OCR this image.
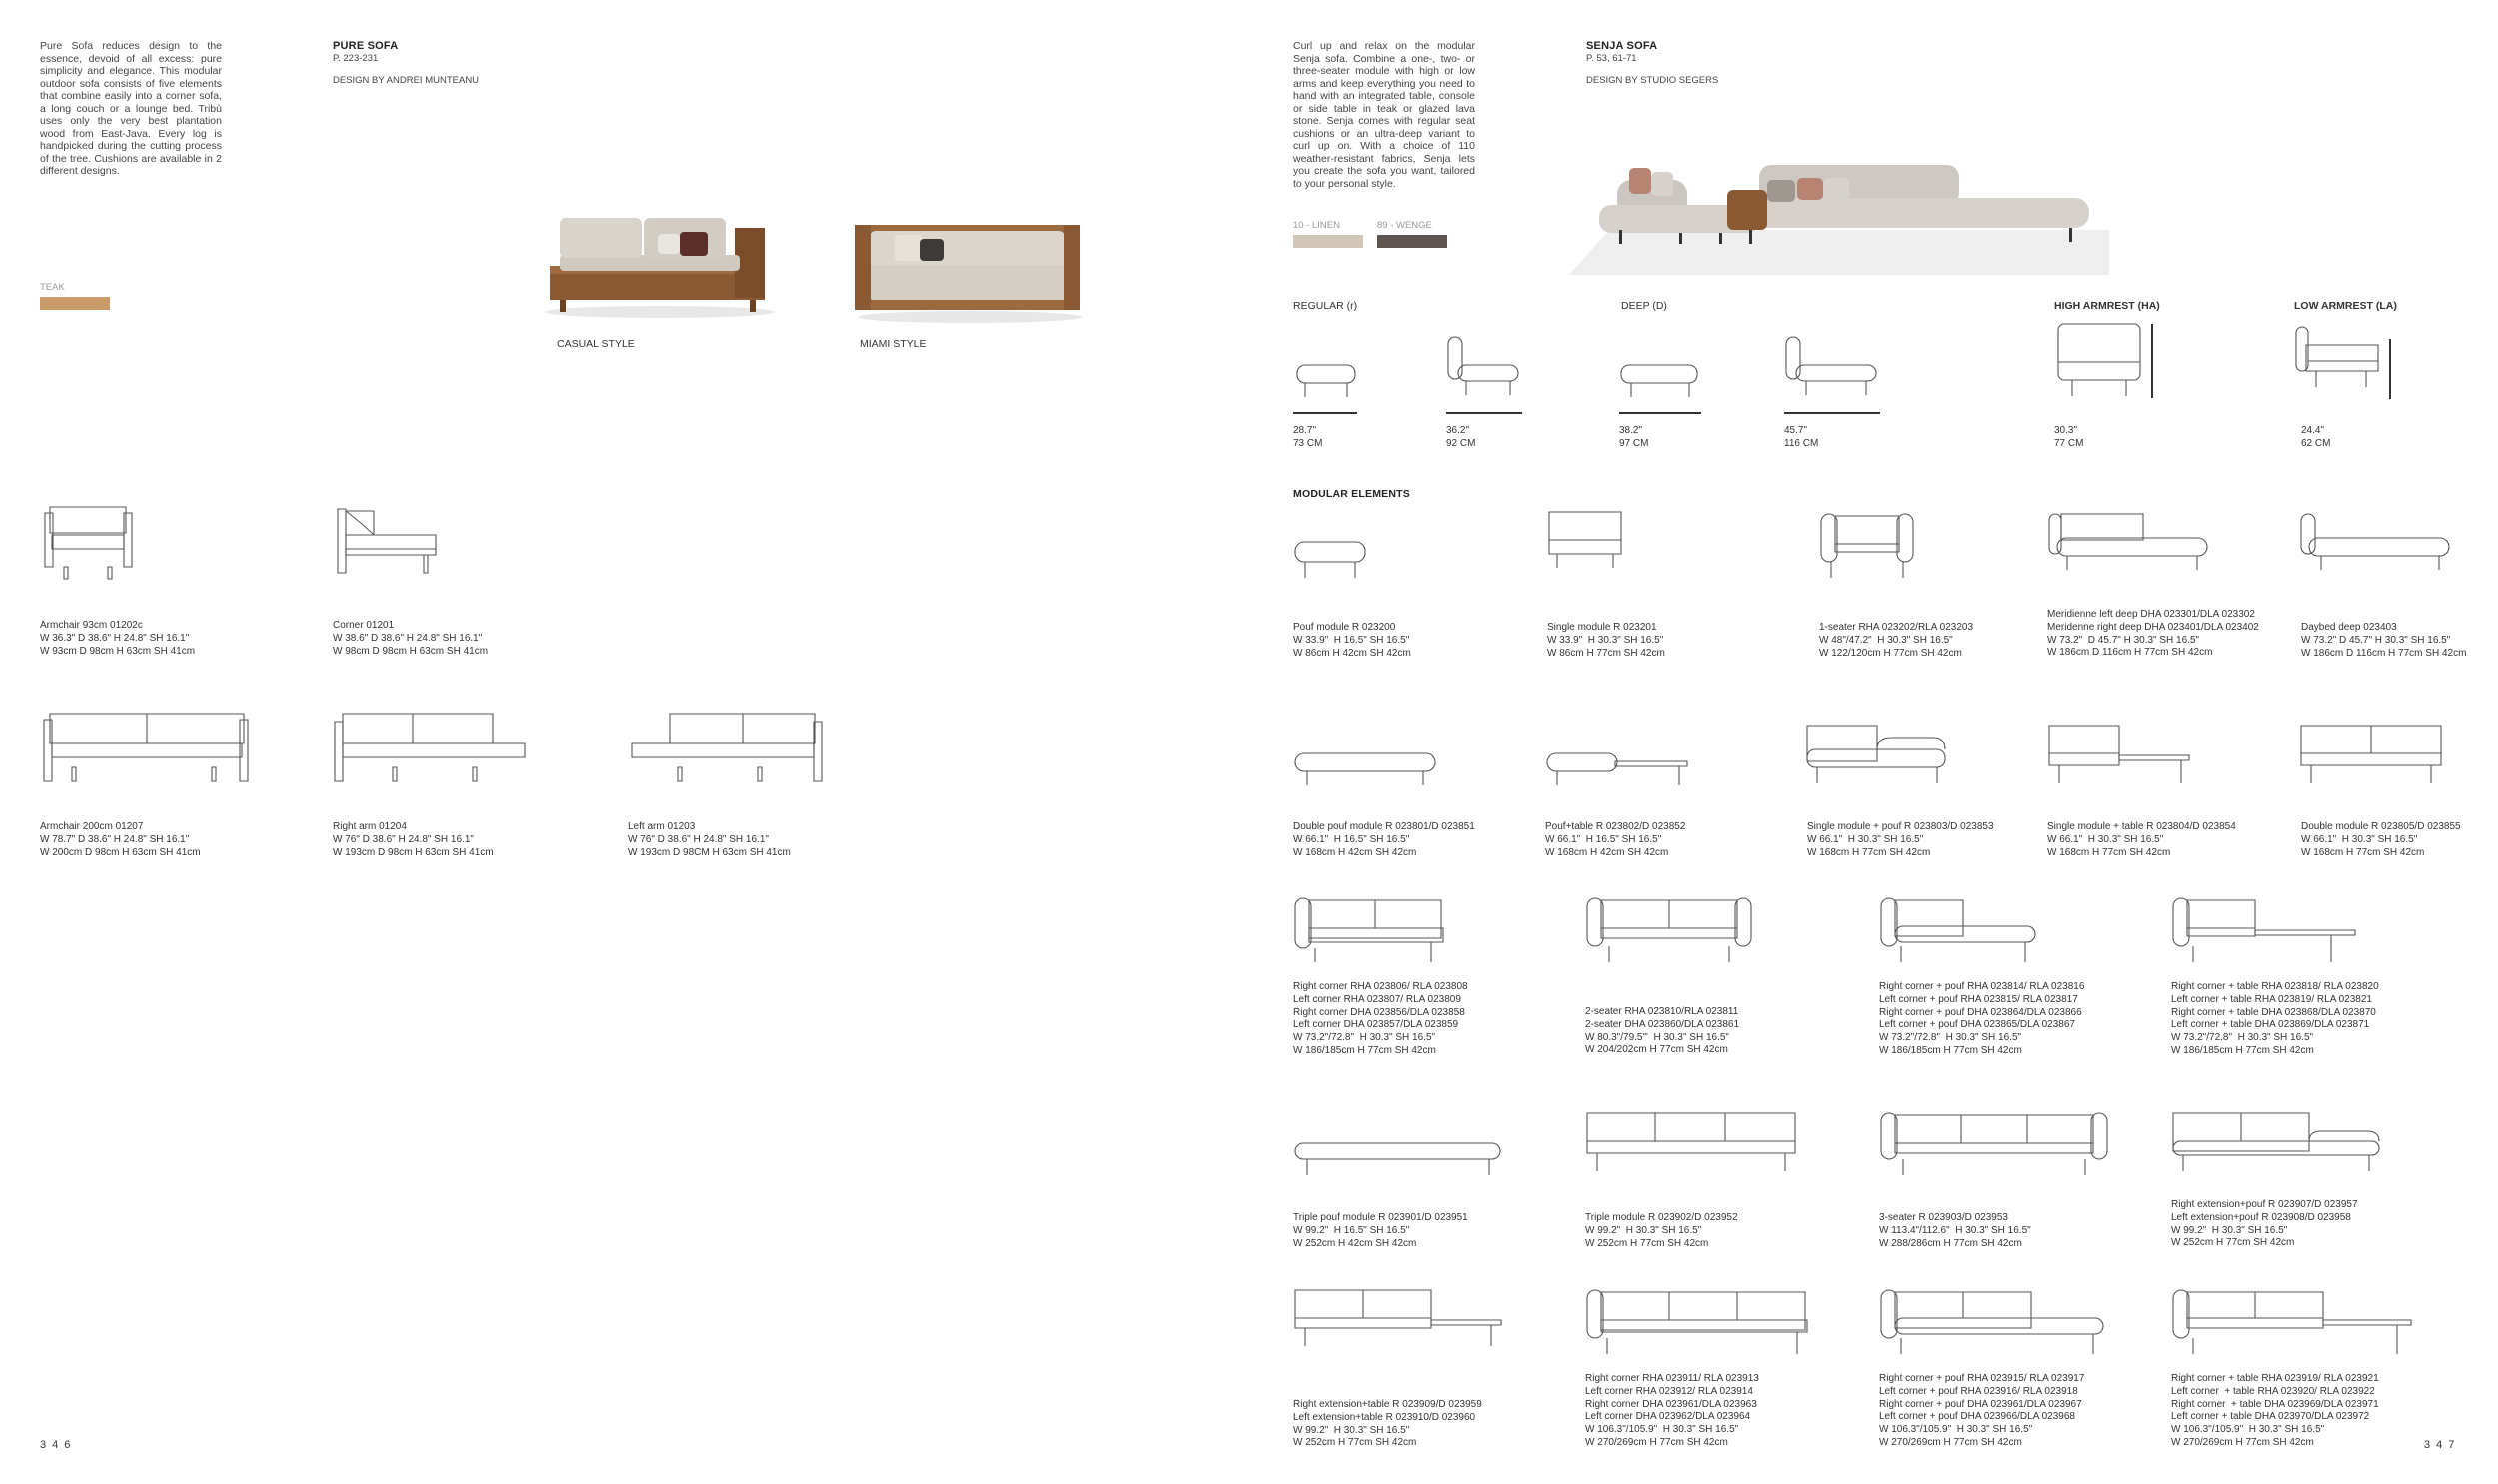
Pure Sofa reduces design to the essence, devoid of all excess: pure simplicity and elegance. This modular outdoor sofa consists of five elements that combine easily into a corner sofa, a long couch or a lounge bed. Tribù uses only the very best plantation wood from East-Java. Every log is handpicked during the cutting process of the tree. Cushions are available in 2 different designs.
PURE SOFA
P. 223-231
DESIGN BY ANDREI MUNTEANU
TEAK
CASUAL STYLE	MIAMI STYLE
Armchair 93cm 01202c
W 36.3" D 38.6" H 24.8" SH 16.1"
W 93cm D 98cm H 63cm SH 41cm
Corner 01201
W 38.6" D 38.6" H 24.8" SH 16.1"
W 98cm D 98cm H 63cm SH 41cm
Armchair 200cm 01207
W 78.7" D 38.6" H 24.8" SH 16.1"
W 200cm D 98cm H 63cm SH 41cm
Right arm 01204
W 76" D 38.6" H 24.8" SH 16.1"
W 193cm D 98cm H 63cm SH 41cm
Left arm 01203
W 76" D 38.6" H 24.8" SH 16.1"
W 193cm D 98CM H 63cm SH 41cm
346
Curl up and relax on the modular Senja sofa. Combine a one-, two- or three-seater module with high or low arms and keep everything you need to hand with an integrated table, console or side table in teak or glazed lava stone. Senja comes with regular seat cushions or an ultra-deep variant to curl up on. With a choice of 110 weather-resistant fabrics, Senja lets you create the sofa you want, tailored to your personal style.
SENJA SOFA
P. 53, 61-71
DESIGN BY STUDIO SEGERS
10 - LINEN	89 - WENGE
REGULAR (r)	DEEP (D)	HIGH ARMREST (HA)	LOW ARMREST (LA)
28.7"
73 CM
36.2"
92 CM
38.2"
97 CM
45.7"
116 CM
30.3"
77 CM
24.4"
62 CM
MODULAR ELEMENTS
Pouf module R 023200
W 33.9"  H 16.5" SH 16.5"
W 86cm H 42cm SH 42cm
Single module R 023201
W 33.9"  H 30.3" SH 16.5"
W 86cm H 77cm SH 42cm
1-seater RHA 023202/RLA 023203
W 48"/47.2"  H 30.3" SH 16.5"
W 122/120cm H 77cm SH 42cm
Meridienne left deep DHA 023301/DLA 023302
Meridenne right deep DHA 023401/DLA 023402
W 73.2"  D 45.7" H 30.3" SH 16.5"
W 186cm D 116cm H 77cm SH 42cm
Daybed deep 023403
W 73.2" D 45.7" H 30.3" SH 16.5"
W 186cm D 116cm H 77cm SH 42cm
Double pouf module R 023801/D 023851
W 66.1"  H 16.5" SH 16.5"
W 168cm H 42cm SH 42cm
Pouf+table R 023802/D 023852
W 66.1"  H 16.5" SH 16.5"
W 168cm H 42cm SH 42cm
Single module + pouf R 023803/D 023853
W 66.1"  H 30.3" SH 16.5"
W 168cm H 77cm SH 42cm
Single module + table R 023804/D 023854
W 66.1"  H 30.3" SH 16.5"
W 168cm H 77cm SH 42cm
Double module R 023805/D 023855
W 66.1"  H 30.3" SH 16.5"
W 168cm H 77cm SH 42cm
Right corner RHA 023806/ RLA 023808
Left corner RHA 023807/ RLA 023809
Right corner DHA 023856/DLA 023858
Left corner DHA 023857/DLA 023859
W 73.2"/72.8"  H 30.3" SH 16.5"
W 186/185cm H 77cm SH 42cm
2-seater RHA 023810/RLA 023811
2-seater DHA 023860/DLA 023861
W 80.3"/79.5"'  H 30.3" SH 16.5"
W 204/202cm H 77cm SH 42cm
Right corner + pouf RHA 023814/ RLA 023816
Left corner + pouf RHA 023815/ RLA 023817
Right corner + pouf DHA 023864/DLA 023866
Left corner + pouf DHA 023865/DLA 023867
W 73.2"/72.8"  H 30.3" SH 16.5"
W 186/185cm H 77cm SH 42cm
Right corner + table RHA 023818/ RLA 023820
Left corner + table RHA 023819/ RLA 023821
Right corner + table DHA 023868/DLA 023870
Left corner + table DHA 023869/DLA 023871
W 73.2"/72.8"  H 30.3" SH 16.5"
W 186/185cm H 77cm SH 42cm
Triple pouf module R 023901/D 023951
W 99.2"  H 16.5" SH 16.5"
W 252cm H 42cm SH 42cm
Triple module R 023902/D 023952
W 99.2"  H 30.3" SH 16.5"
W 252cm H 77cm SH 42cm
3-seater R 023903/D 023953
W 113.4"/112.6"  H 30.3" SH 16.5"
W 288/286cm H 77cm SH 42cm
Right extension+pouf R 023907/D 023957
Left extension+pouf R 023908/D 023958
W 99.2"  H 30.3" SH 16.5"
W 252cm H 77cm SH 42cm
Right extension+table R 023909/D 023959
Left extension+table R 023910/D 023960
W 99.2"  H 30.3" SH 16.5"
W 252cm H 77cm SH 42cm
Right corner RHA 023911/ RLA 023913
Left corner RHA 023912/ RLA 023914
Right corner DHA 023961/DLA 023963
Left corner DHA 023962/DLA 023964
W 106.3"/105.9"  H 30.3" SH 16.5"
W 270/269cm H 77cm SH 42cm
Right corner + pouf RHA 023915/ RLA 023917
Left corner + pouf RHA 023916/ RLA 023918
Right corner + pouf DHA 023961/DLA 023967
Left corner + pouf DHA 023966/DLA 023968
W 106.3"/105.9"  H 30.3" SH 16.5"
W 270/269cm H 77cm SH 42cm
Right corner + table RHA 023919/ RLA 023921
Left corner  + table RHA 023920/ RLA 023922
Right corner  + table DHA 023969/DLA 023971
Left corner + table DHA 023970/DLA 023972
W 106.3"/105.9"  H 30.3" SH 16.5"
W 270/269cm H 77cm SH 42cm	347
